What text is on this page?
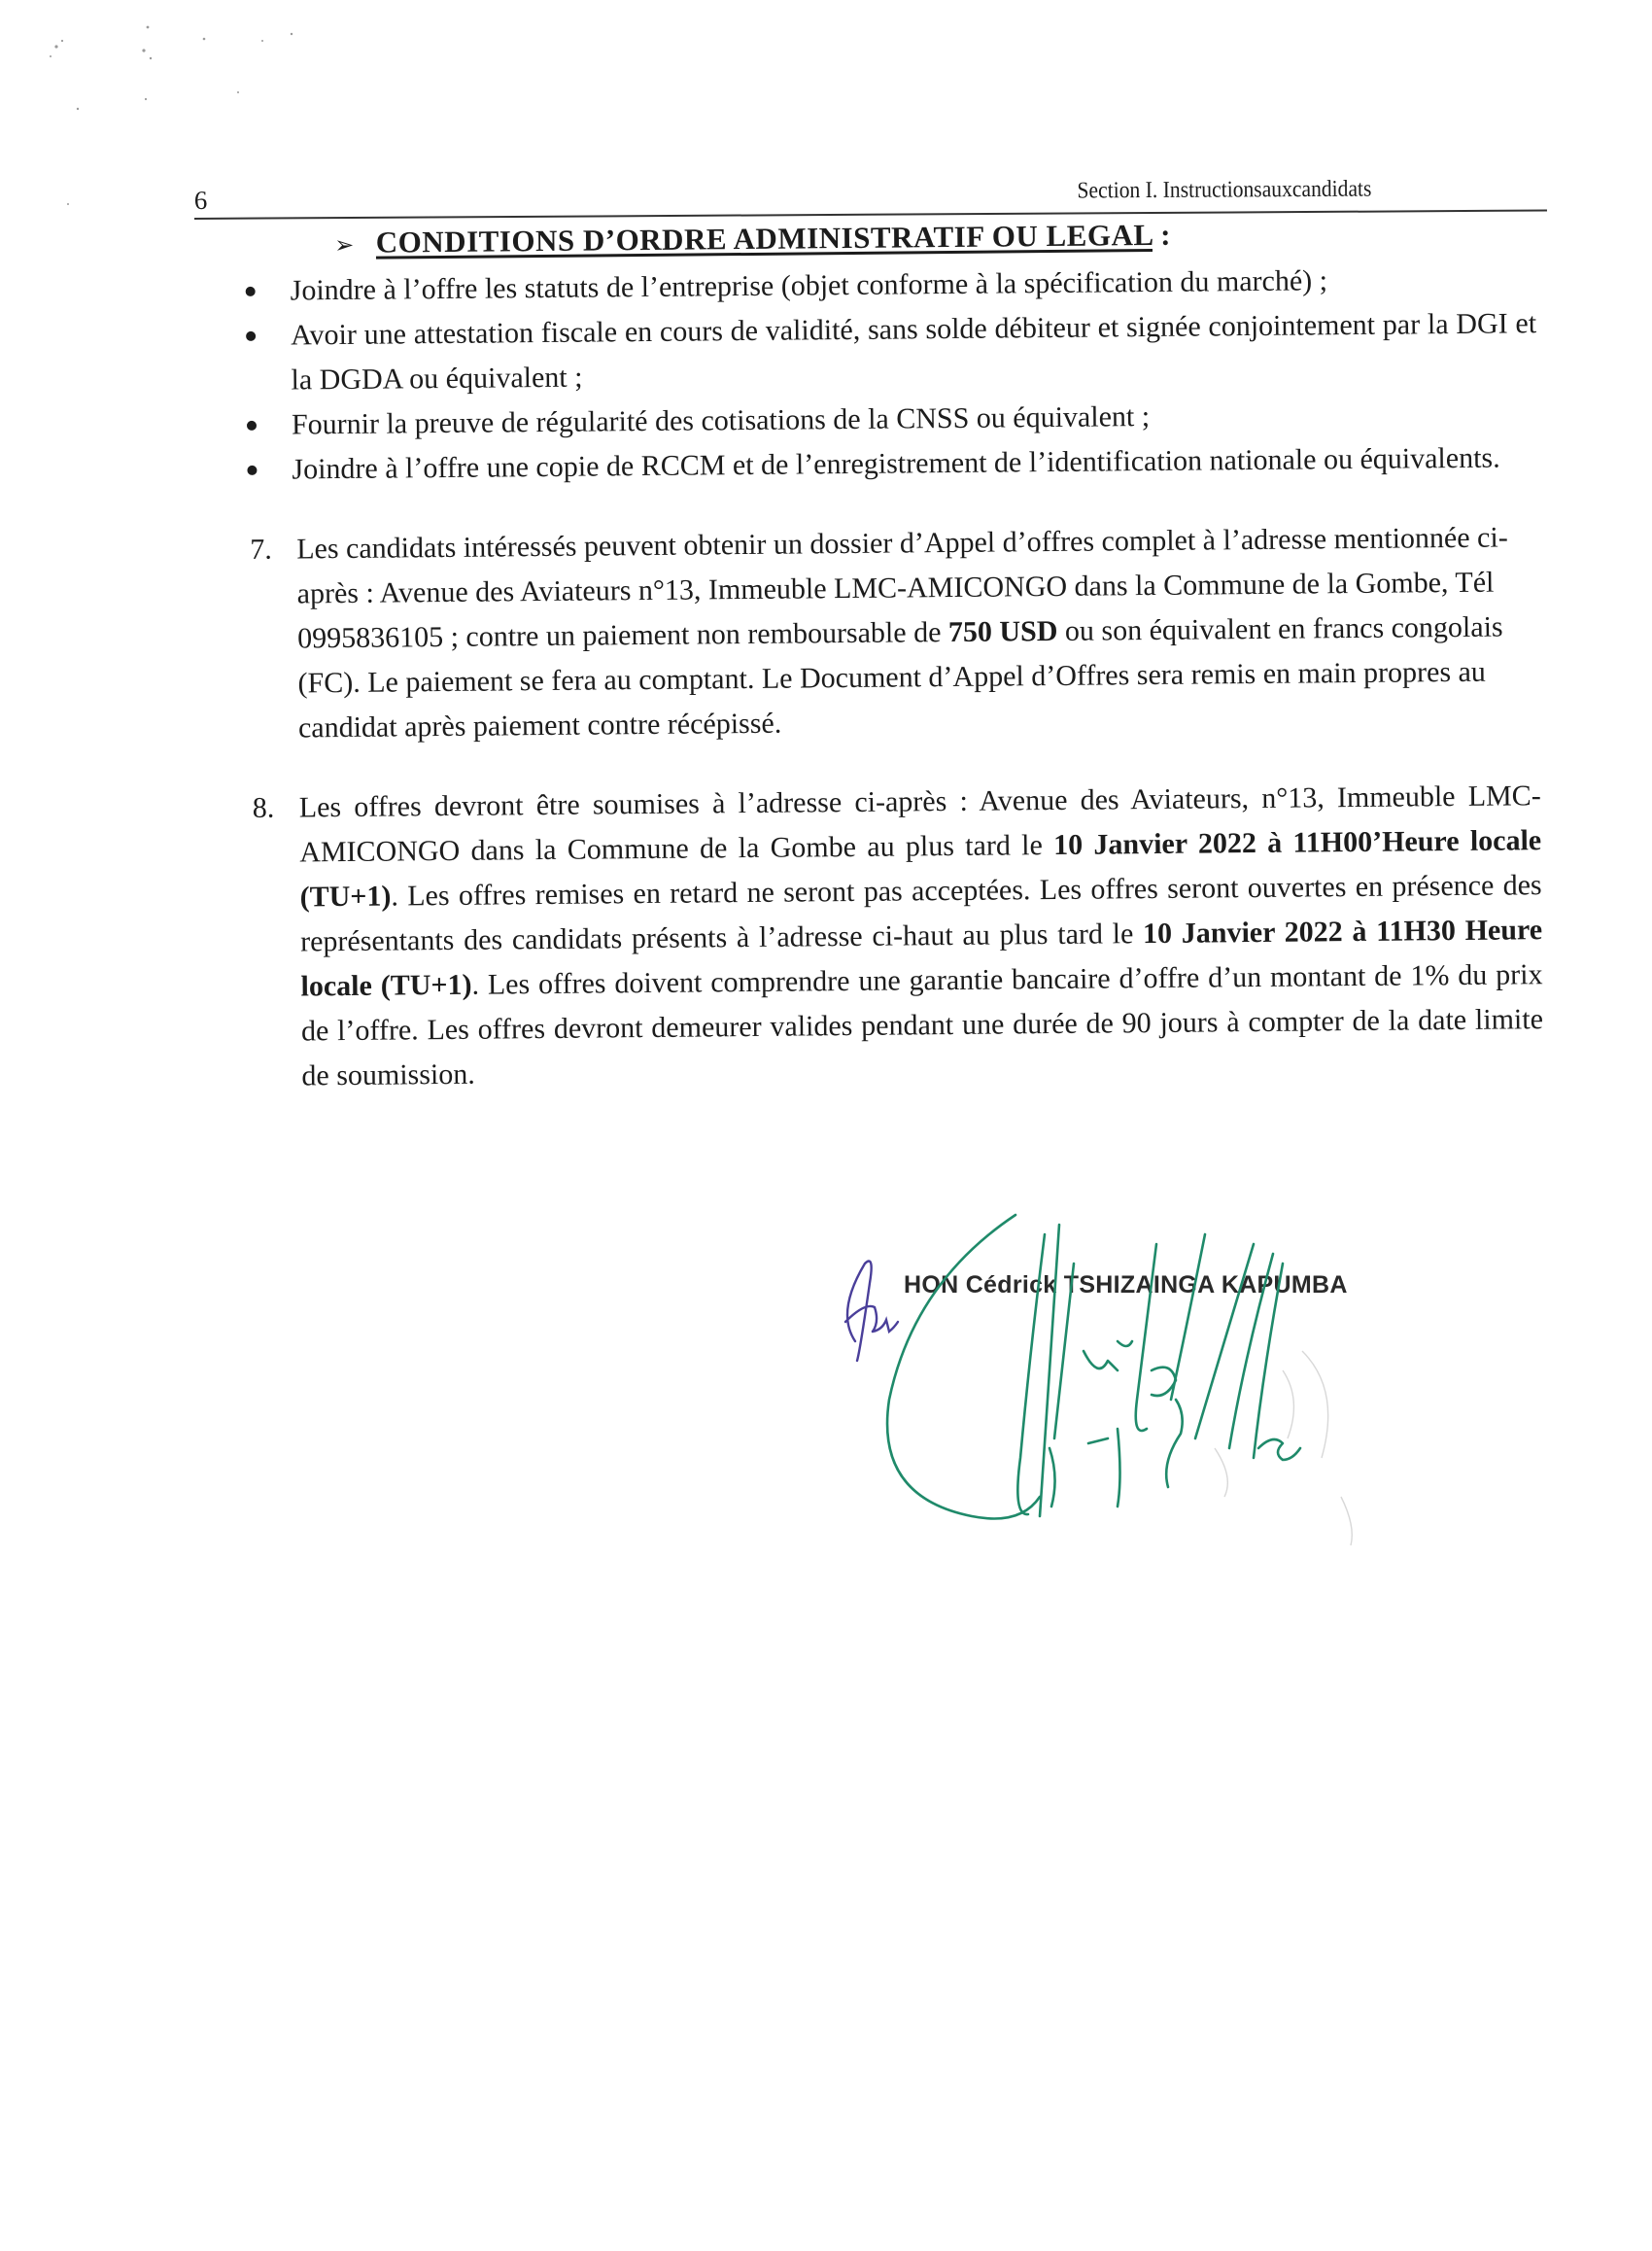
6	Section I. Instructionsauxcandidats
➢ CONDITIONS D’ORDRE ADMINISTRATIF OU LEGAL :
Joindre à l’offre les statuts de l’entreprise (objet conforme à la spécification du marché) ;
Avoir une attestation fiscale en cours de validité, sans solde débiteur et signée conjointement par la DGI et la DGDA ou équivalent ;
Fournir la preuve de régularité des cotisations de la CNSS ou équivalent ;
Joindre à l’offre une copie de RCCM et de l’enregistrement de l’identification nationale ou équivalents.
7. Les candidats intéressés peuvent obtenir un dossier d’Appel d’offres complet à l’adresse mentionnée ci-après : Avenue des Aviateurs n°13, Immeuble LMC-AMICONGO dans la Commune de la Gombe, Tél 0995836105 ; contre un paiement non remboursable de 750 USD ou son équivalent en francs congolais (FC). Le paiement se fera au comptant. Le Document d’Appel d’Offres sera remis en main propres au candidat après paiement contre récépissé.
8. Les offres devront être soumises à l’adresse ci-après : Avenue des Aviateurs, n°13, Immeuble LMC-AMICONGO dans la Commune de la Gombe au plus tard le 10 Janvier 2022 à 11H00’Heure locale (TU+1). Les offres remises en retard ne seront pas acceptées. Les offres seront ouvertes en présence des représentants des candidats présents à l’adresse ci-haut au plus tard le 10 Janvier 2022 à 11H30 Heure locale (TU+1). Les offres doivent comprendre une garantie bancaire d’offre d’un montant de 1% du prix de l’offre. Les offres devront demeurer valides pendant une durée de 90 jours à compter de la date limite de soumission.
HON Cédrick TSHIZAINGA KAPUMBA
